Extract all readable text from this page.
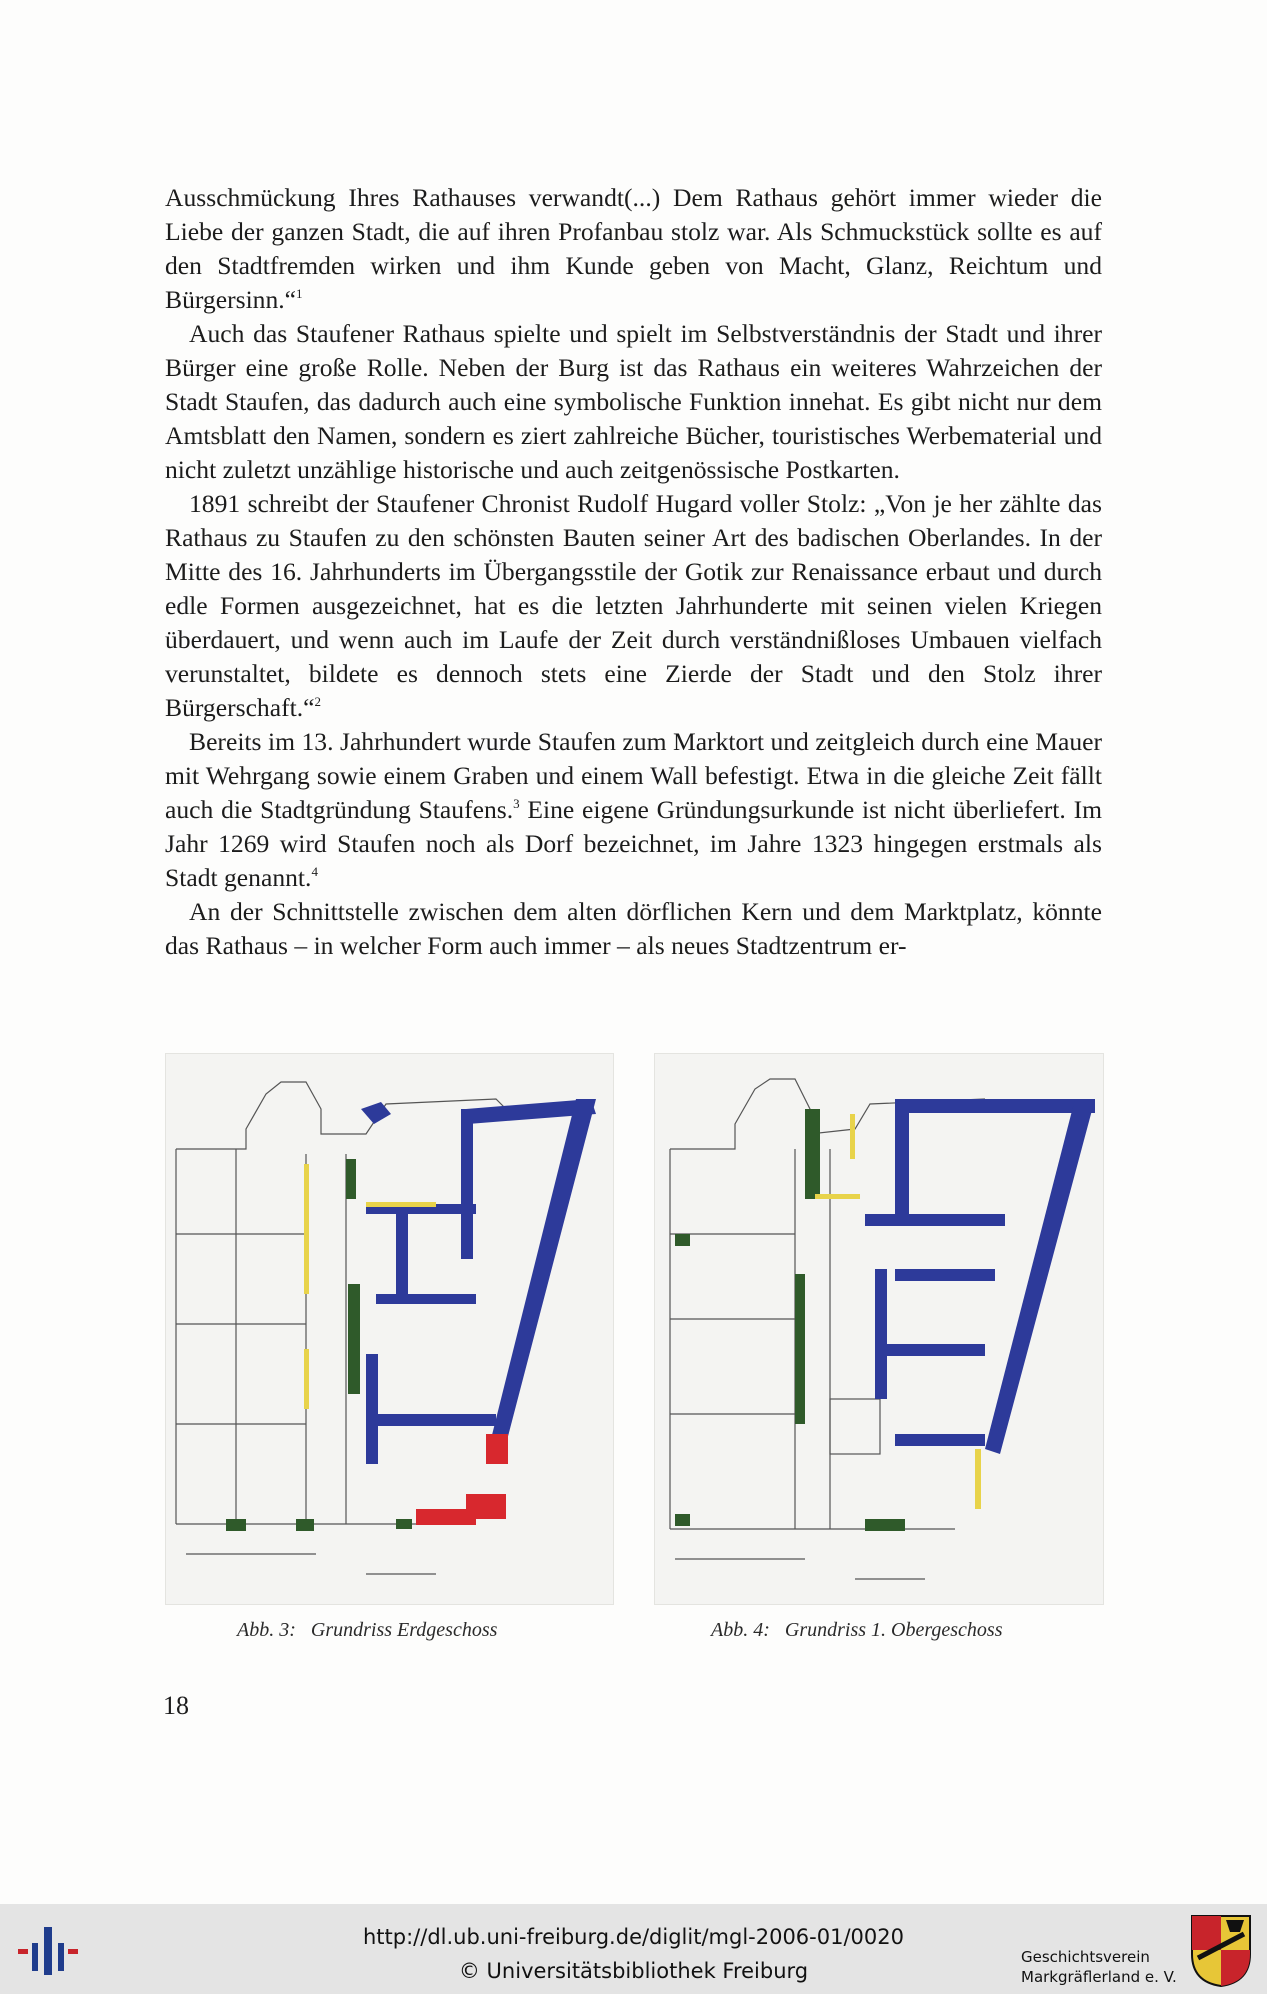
Ausschmückung Ihres Rathauses verwandt(...) Dem Rathaus gehört immer wieder die Liebe der ganzen Stadt, die auf ihren Profanbau stolz war. Als Schmuckstück sollte es auf den Stadtfremden wirken und ihm Kunde geben von Macht, Glanz, Reichtum und Bürgersinn.“$^1$

Auch das Staufener Rathaus spielte und spielt im Selbstverständnis der Stadt und ihrer Bürger eine große Rolle. Neben der Burg ist das Rathaus ein weiteres Wahrzeichen der Stadt Staufen, das dadurch auch eine symbolische Funktion innehat. Es gibt nicht nur dem Amtsblatt den Namen, sondern es ziert zahlreiche Bücher, touristisches Werbematerial und nicht zuletzt unzählige historische und auch zeitgenössische Postkarten.

1891 schreibt der Staufener Chronist Rudolf Hugard voller Stolz: „Von je her zählte das Rathaus zu Staufen zu den schönsten Bauten seiner Art des badischen Oberlandes. In der Mitte des 16. Jahrhunderts im Übergangsstile der Gotik zur Renaissance erbaut und durch edle Formen ausgezeichnet, hat es die letzten Jahrhunderte mit seinen vielen Kriegen überdauert, und wenn auch im Laufe der Zeit durch verständnißloses Umbauen vielfach verunstaltet, bildete es dennoch stets eine Zierde der Stadt und den Stolz ihrer Bürgerschaft.“$^2$

Bereits im 13. Jahrhundert wurde Staufen zum Marktort und zeitgleich durch eine Mauer mit Wehrgang sowie einem Graben und einem Wall befestigt. Etwa in die gleiche Zeit fällt auch die Stadtgründung Staufens.$^3$ Eine eigene Gründungsurkunde ist nicht überliefert. Im Jahr 1269 wird Staufen noch als Dorf bezeichnet, im Jahre 1323 hingegen erstmals als Stadt genannt.$^4$

An der Schnittstelle zwischen dem alten dörflichen Kern und dem Marktplatz, könnte das Rathaus – in welcher Form auch immer – als neues Stadtzentrum er-

Abb. 3: Grundriss Erdgeschoss	Abb. 4: Grundriss 1. Obergeschoss
18
http://dl.ub.uni-freiburg.de/diglit/mgl-2006-01/0020
© Universitätsbibliothek Freiburg
Geschichtsverein
Markgräflerland e. V.
